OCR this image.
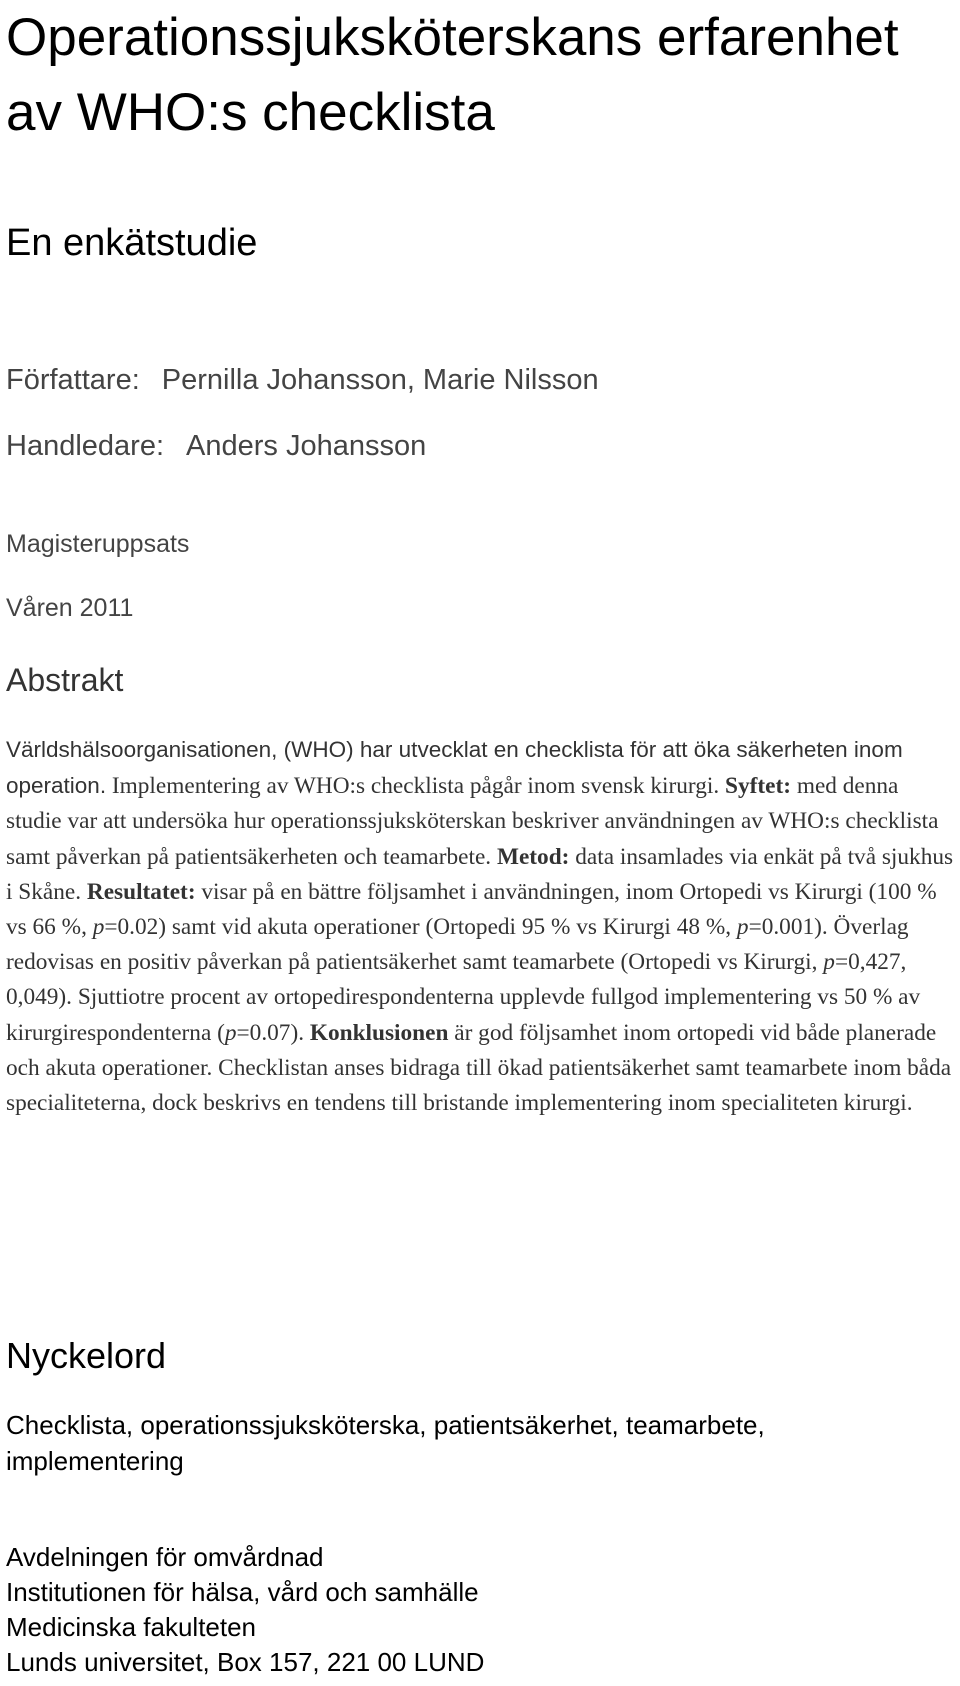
Operationssjuksköterskans erfarenhet av WHO:s checklista
En enkätstudie
Författare: Pernilla Johansson, Marie Nilsson
Handledare: Anders Johansson
Magisteruppsats
Våren 2011
Abstrakt
Världshälsoorganisationen, (WHO) har utvecklat en checklista för att öka säkerheten inom operation. Implementering av WHO:s checklista pågår inom svensk kirurgi. Syftet: med denna studie var att undersöka hur operationssjuksköterskan beskriver användningen av WHO:s checklista samt påverkan på patientsäkerheten och teamarbete. Metod: data insamlades via enkät på två sjukhus i Skåne. Resultatet: visar på en bättre följsamhet i användningen, inom Ortopedi vs Kirurgi (100 % vs 66 %, p=0.02) samt vid akuta operationer (Ortopedi 95 % vs Kirurgi 48 %, p=0.001). Överlag redovisas en positiv påverkan på patientsäkerhet samt teamarbete (Ortopedi vs Kirurgi, p=0,427, 0,049). Sjuttiotre procent av ortopedirespondenterna upplevde fullgod implementering vs 50 % av kirurgirespondenterna (p=0.07). Konklusionen är god följsamhet inom ortopedi vid både planerade och akuta operationer. Checklistan anses bidraga till ökad patientsäkerhet samt teamarbete inom båda specialiteterna, dock beskrivs en tendens till bristande implementering inom specialiteten kirurgi.
Nyckelord
Checklista, operationssjuksköterska, patientsäkerhet, teamarbete, implementering
Avdelningen för omvårdnad
Institutionen för hälsa, vård och samhälle
Medicinska fakulteten
Lunds universitet, Box 157, 221 00 LUND
